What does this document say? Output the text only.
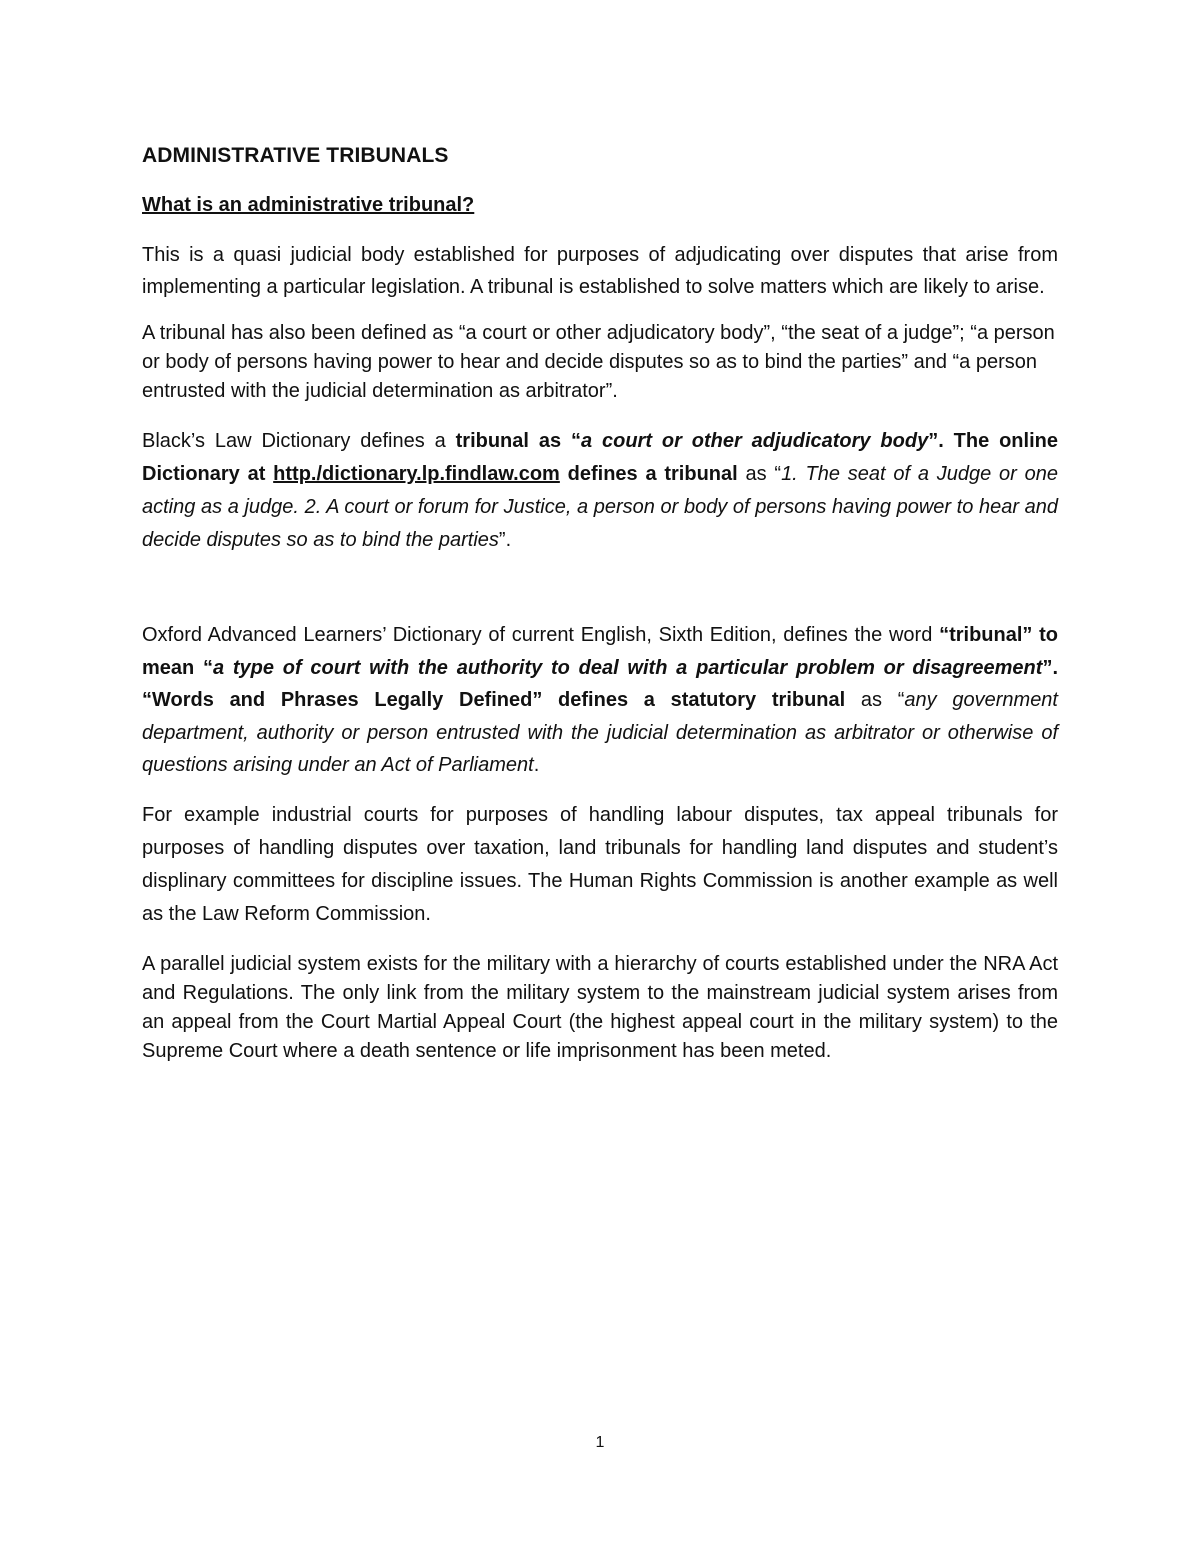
ADMINISTRATIVE TRIBUNALS
What is an administrative tribunal?

This is a quasi judicial body established for purposes of adjudicating over disputes that arise from implementing a particular legislation. A tribunal is established to solve matters which are likely to arise.

A tribunal has also been defined as “a court or other adjudicatory body”, “the seat of a judge”; “a person or body of persons having power to hear and decide disputes so as to bind the parties” and “a person entrusted with the judicial determination as arbitrator”.

Black’s Law Dictionary defines a tribunal as “a court or other adjudicatory body”. The online Dictionary at http./dictionary.lp.findlaw.com defines a tribunal as “1. The seat of a Judge or one acting as a judge. 2. A court or forum for Justice, a person or body of persons having power to hear and decide disputes so as to bind the parties”.

Oxford Advanced Learners’ Dictionary of current English, Sixth Edition, defines the word “tribunal” to mean “a type of court with the authority to deal with a particular problem or disagreement”. “Words and Phrases Legally Defined” defines a statutory tribunal as “any government department, authority or person entrusted with the judicial determination as arbitrator or otherwise of questions arising under an Act of Parliament.

For example industrial courts for purposes of handling labour disputes, tax appeal tribunals for purposes of handling disputes over taxation, land tribunals for handling land disputes and student’s displinary committees for discipline issues. The Human Rights Commission is another example as well as the Law Reform Commission.

A parallel judicial system exists for the military with a hierarchy of courts established under the NRA Act and Regulations. The only link from the military system to the mainstream judicial system arises from an appeal from the Court Martial Appeal Court (the highest appeal court in the military system) to the Supreme Court where a death sentence or life imprisonment has been meted.

1
